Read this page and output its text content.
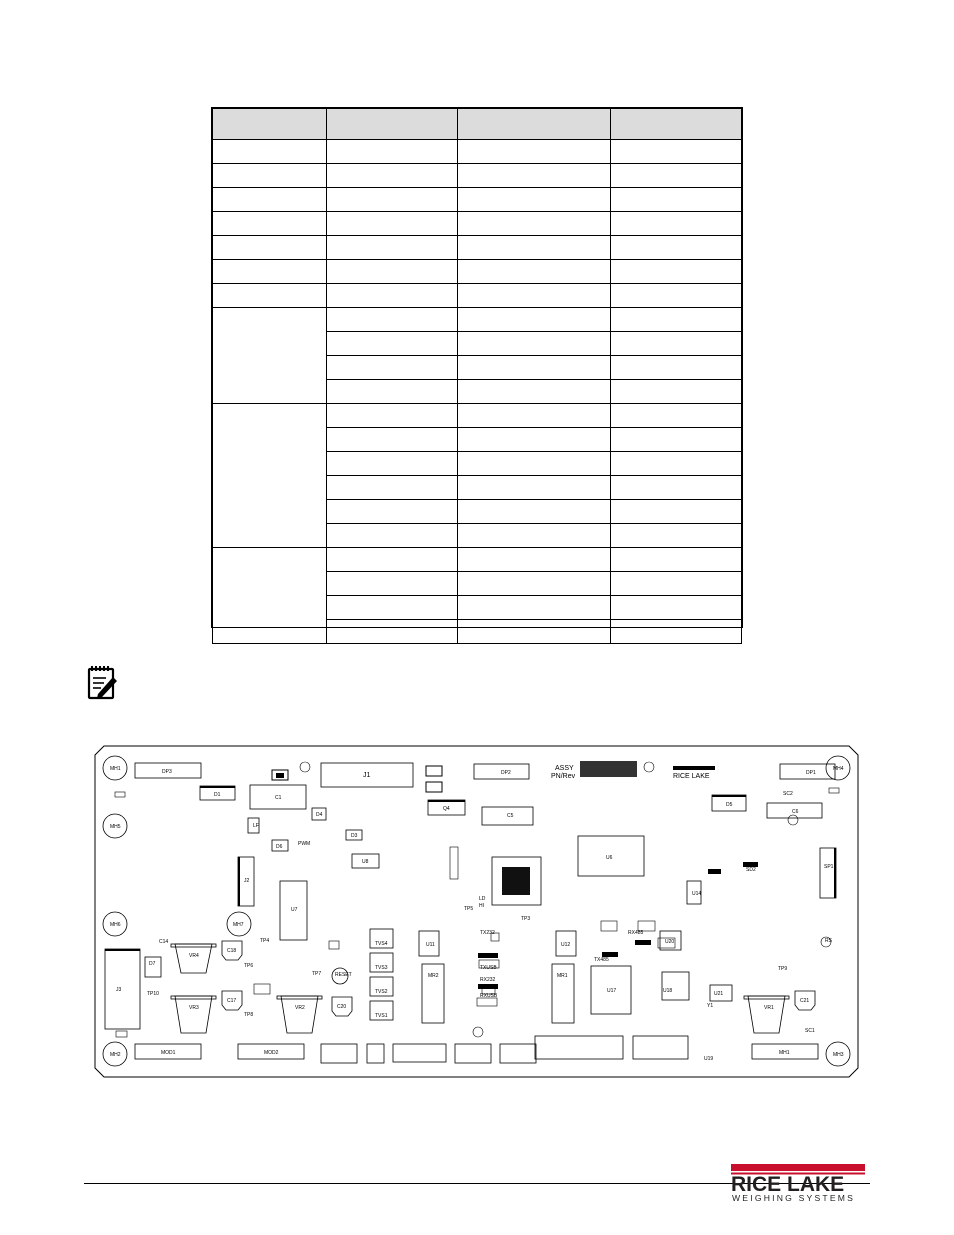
MH1
MH5
MH6
MH2
MH7
MH4
MH3
DP3	J1	DP2	DP1
MOD1	MOD2	MH1
ASSY
PN/Rev	RICE LAKE
D1	C1
C5
C6
D5
Q4
LF
D4
D3
D6
J2
U7
U8
SP1
J3
U6
VR4
VR3	VR2	VR1
C18
C17
C20
C21
D7
TVS4
TVS3
TVS2
TVS1
U11
MR2
U12
MR1
U17	U18
U20
U14
U21
TX232
TXUSB
RX232
RXUSB
TX485
RX485
SD2
RS
SC2
SC1
RESET
PWM
TP5
TP3
TP4
TP6
TP7
TP8
TP9
TP10
C14
LD
HI
U19
Y1
RICE LAKE
WEIGHING SYSTEMS
